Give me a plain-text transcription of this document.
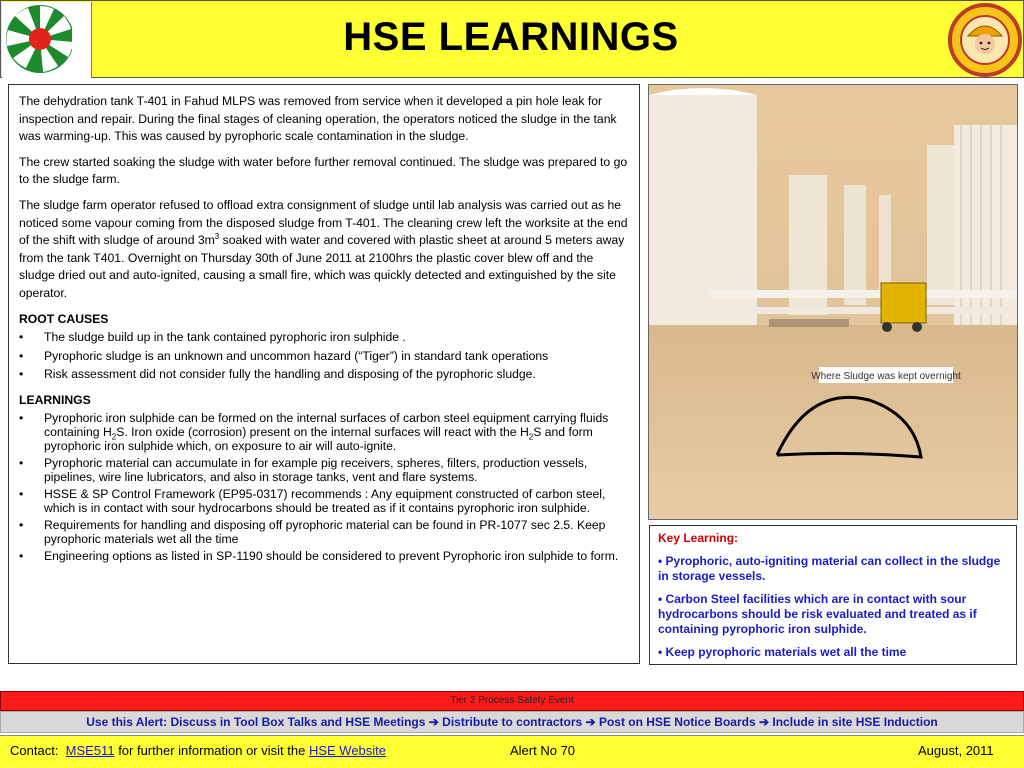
HSE LEARNINGS

The dehydration tank T-401 in Fahud MLPS was removed from service when it developed a pin hole leak for inspection and repair. During the final stages of cleaning operation, the operators noticed the sludge in the tank was warming-up. This was caused by pyrophoric scale contamination in the sludge.

The crew started soaking the sludge with water before further removal continued. The sludge was prepared to go to the sludge farm.

The sludge farm operator refused to offload extra consignment of sludge until lab analysis was carried out as he noticed some vapour coming from the disposed sludge from T-401. The cleaning crew left the worksite at the end of the shift with sludge of around $3m^3$ soaked with water and covered with plastic sheet at around 5 meters away from the tank T401. Overnight on Thursday 30th of June 2011 at 2100hrs the plastic cover blew off and the sludge dried out and auto-ignited, causing a small fire, which was quickly detected and extinguished by the site operator.

ROOT CAUSES
• The sludge build up in the tank contained pyrophoric iron sulphide .
• Pyrophoric sludge is an unknown and uncommon hazard (“Tiger”) in standard tank operations
• Risk assessment did not consider fully the handling and disposing of the pyrophoric sludge.
LEARNINGS
• Pyrophoric iron sulphide can be formed on the internal surfaces of carbon steel equipment carrying fluids containing $H_2S$. Iron oxide (corrosion) present on the internal surfaces will react with the $H_2S$ and form pyrophoric iron sulphide which, on exposure to air will auto-ignite.
• Pyrophoric material can accumulate in for example pig receivers, spheres, filters, production vessels, pipelines, wire line lubricators, and also in storage tanks, vent and flare systems.
• HSSE & SP Control Framework (EP95-0317) recommends : Any equipment constructed of carbon steel, which is in contact with sour hydrocarbons should be treated as if it contains pyrophoric iron sulphide.
• Requirements for handling and disposing off pyrophoric material can be found in PR-1077 sec 2.5. Keep pyrophoric materials wet all the time
• Engineering options as listed in SP-1190 should be considered to prevent Pyrophoric iron sulphide to form.
Where Sludge was kept overnight
Key Learning:
• Pyrophoric, auto-igniting material can collect in the sludge in storage vessels.
• Carbon Steel facilities which are in contact with sour hydrocarbons should be risk evaluated and treated as if containing pyrophoric iron sulphide.
• Keep pyrophoric materials wet all the time
Tier 2 Process Safety Event
Use this Alert: Discuss in Tool Box Talks and HSE Meetings ➔ Distribute to contractors ➔ Post on HSE Notice Boards ➔ Include in site HSE Induction
Contact: MSE511 for further information or visit the HSE Website	Alert No 70	August, 2011
